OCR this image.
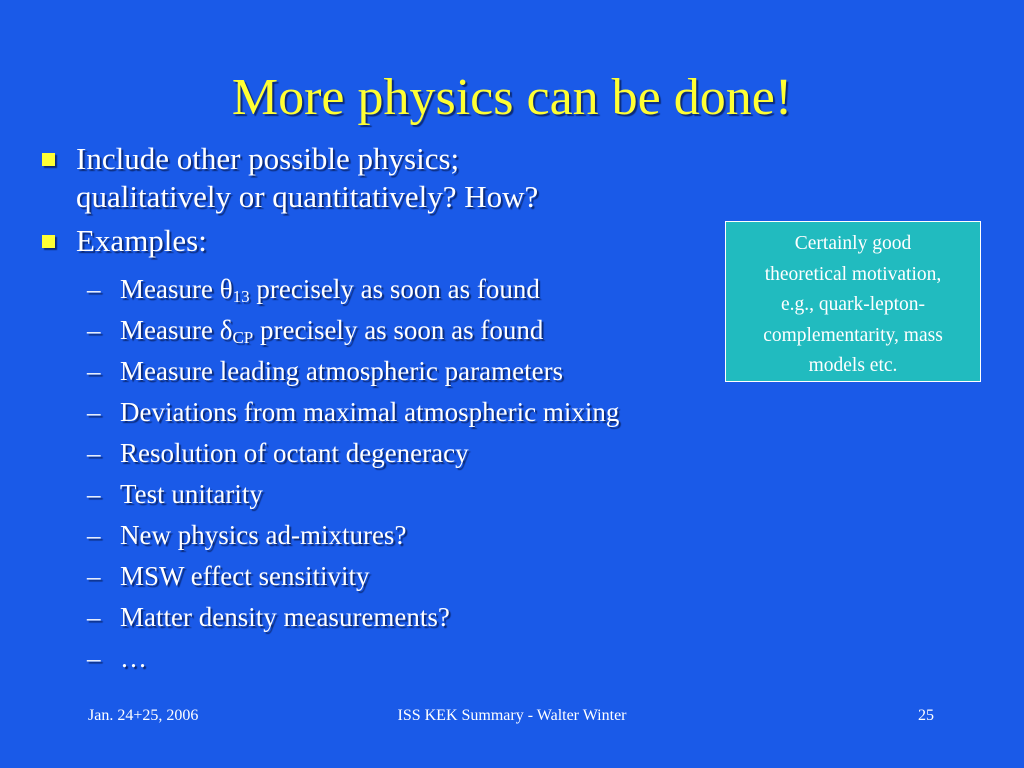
More physics can be done!
Include other possible physics;
qualitatively or quantitatively? How?
Examples:
– Measure $\theta_{13}$ precisely as soon as found
– Measure $\delta_{CP}$ precisely as soon as found
– Measure leading atmospheric parameters
– Deviations from maximal atmospheric mixing
– Resolution of octant degeneracy
– Test unitarity
– New physics ad-mixtures?
– MSW effect sensitivity
– Matter density measurements?
– …
Certainly good
theoretical motivation,
e.g., quark-lepton-
complementarity, mass
models etc.
Jan. 24+25, 2006	ISS KEK Summary - Walter Winter	25
